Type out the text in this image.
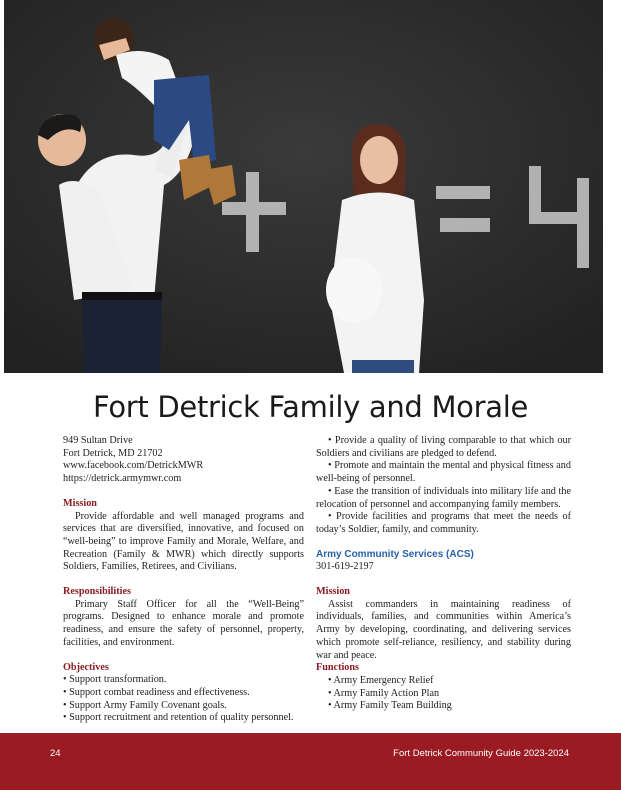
Fort Detrick Family and Morale

949 Sultan Drive

Fort Detrick, MD 21702

www.facebook.com/DetrickMWR

https://detrick.armymwr.com

Mission

Provide affordable and well managed programs and services that are diversified, innovative, and focused on “well-being” to improve Family and Morale, Welfare, and Recreation (Family & MWR) which directly supports Soldiers, Families, Retirees, and Civilians.

Responsibilities

Primary Staff Officer for all the “Well-Being” programs. Designed to enhance morale and promote readiness, and ensure the safety of personnel, property, facilities, and environment.

Objectives
• Support transformation.
• Support combat readiness and effectiveness.
• Support Army Family Covenant goals.
• Support recruitment and retention of quality personnel.
• Provide a quality of living comparable to that which our Soldiers and civilians are pledged to defend.
• Promote and maintain the mental and physical fitness and well-being of personnel.
• Ease the transition of individuals into military life and the relocation of personnel and accompanying family members.
• Provide facilities and programs that meet the needs of today’s Soldier, family, and community.
Army Community Services (ACS)

301-619-2197

Mission

Assist commanders in maintaining readiness of individuals, families, and communities within America’s Army by developing, coordinating, and delivering services which promote self-reliance, resiliency, and stability during war and peace.

Functions
• Army Emergency Relief
• Army Family Action Plan
• Army Family Team Building
24	Fort Detrick Community Guide 2023-2024
